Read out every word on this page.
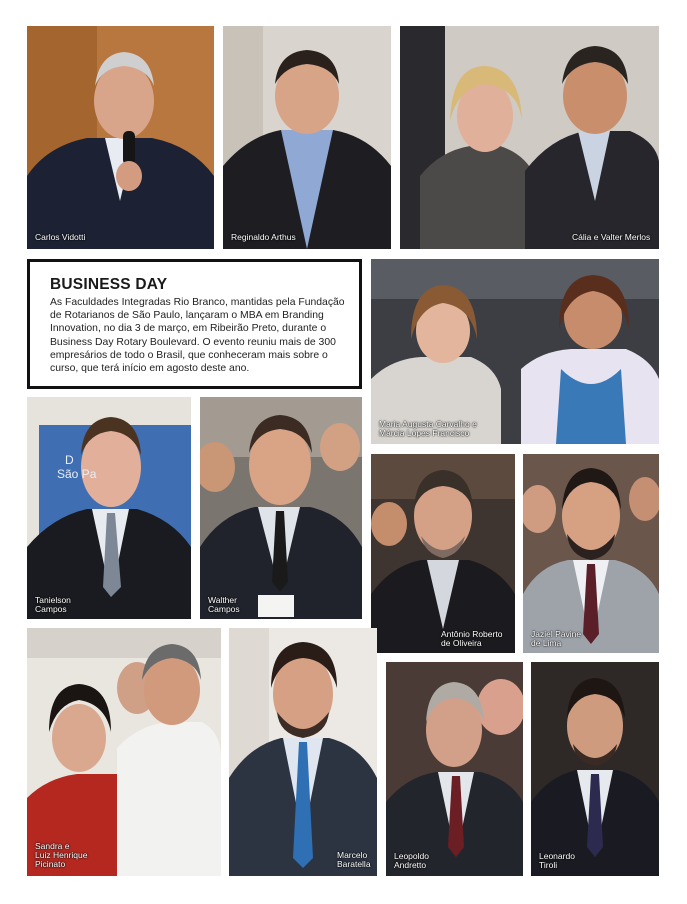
Carlos Vidotti	Reginaldo Arthus	Cália e Valter Merlos
BUSINESS DAY

As Faculdades Integradas Rio Branco, mantidas pela Fundação de Rotarianos de São Paulo, lançaram o MBA em Branding Innovation, no dia 3 de março, em Ribeirão Preto, durante o Business Day Rotary Boulevard. O evento reuniu mais de 300 empresários de todo o Brasil, que conheceram mais sobre o curso, que terá início em agosto deste ano.

Maria Augusta Carvalho e
Márcia Lopes Francisco
D
São Pa
Tanielson
Campos
Walther
Campos
Antônio Roberto
de Oliveira
Jaziel Pavine
de Lima
Sandra e
Luiz Henrique
Picinato
Marcelo
Baratella
Leopoldo
Andretto
Leonardo
Tiroli
